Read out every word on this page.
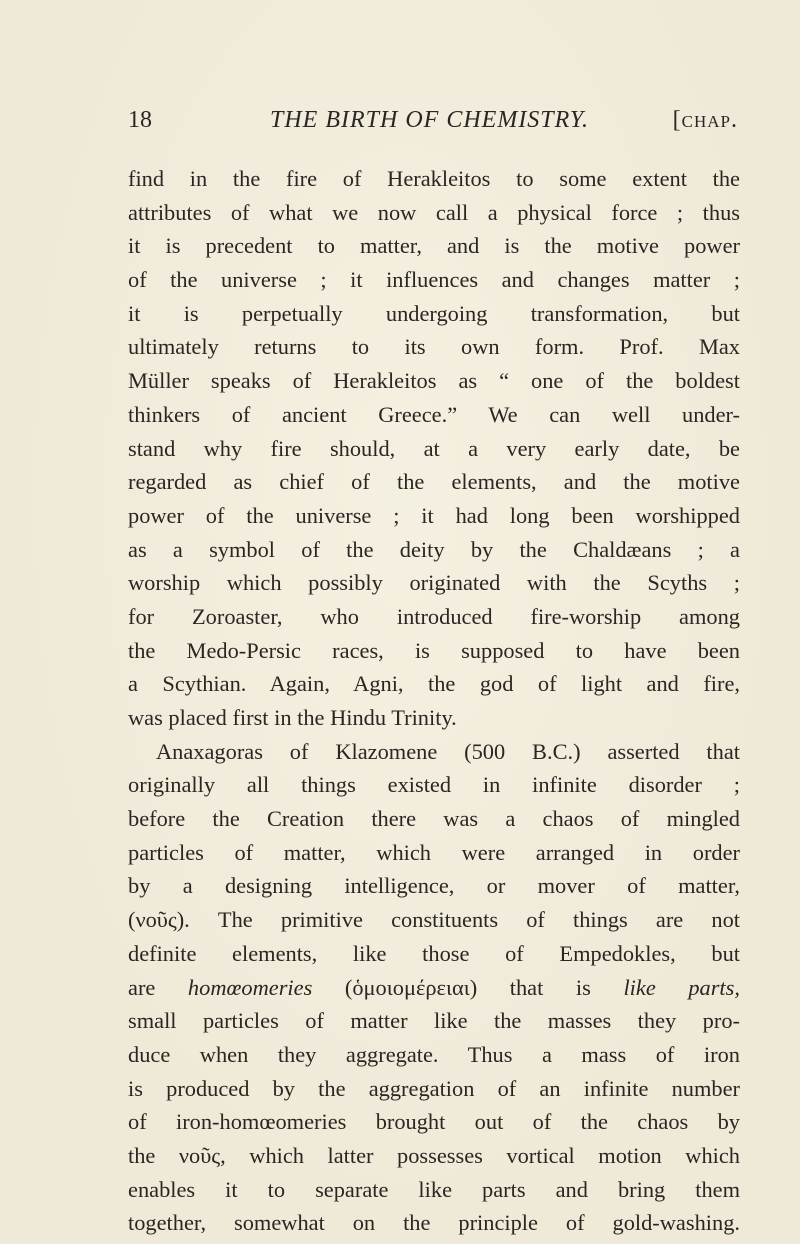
18	THE BIRTH OF CHEMISTRY.	[chap.
find in the fire of Herakleitos to some extent the
attributes of what we now call a physical force ; thus
it is precedent to matter, and is the motive power
of the universe ; it influences and changes matter ;
it is perpetually undergoing transformation, but
ultimately returns to its own form. Prof. Max
Müller speaks of Herakleitos as “ one of the boldest
thinkers of ancient Greece.” We can well under-
stand why fire should, at a very early date, be
regarded as chief of the elements, and the motive
power of the universe ; it had long been worshipped
as a symbol of the deity by the Chaldæans ; a
worship which possibly originated with the Scyths ;
for Zoroaster, who introduced fire-worship among
the Medo-Persic races, is supposed to have been
a Scythian. Again, Agni, the god of light and fire,
was placed first in the Hindu Trinity.
Anaxagoras of Klazomene (500 B.C.) asserted that
originally all things existed in infinite disorder ;
before the Creation there was a chaos of mingled
particles of matter, which were arranged in order
by a designing intelligence, or mover of matter,
(νοῦς). The primitive constituents of things are not
definite elements, like those of Empedokles, but
are homœomeries (ὁμοιομέρειαι) that is like parts,
small particles of matter like the masses they pro-
duce when they aggregate. Thus a mass of iron
is produced by the aggregation of an infinite number
of iron-homœomeries brought out of the chaos by
the νοῦς, which latter possesses vortical motion which
enables it to separate like parts and bring them
together, somewhat on the principle of gold-washing.
